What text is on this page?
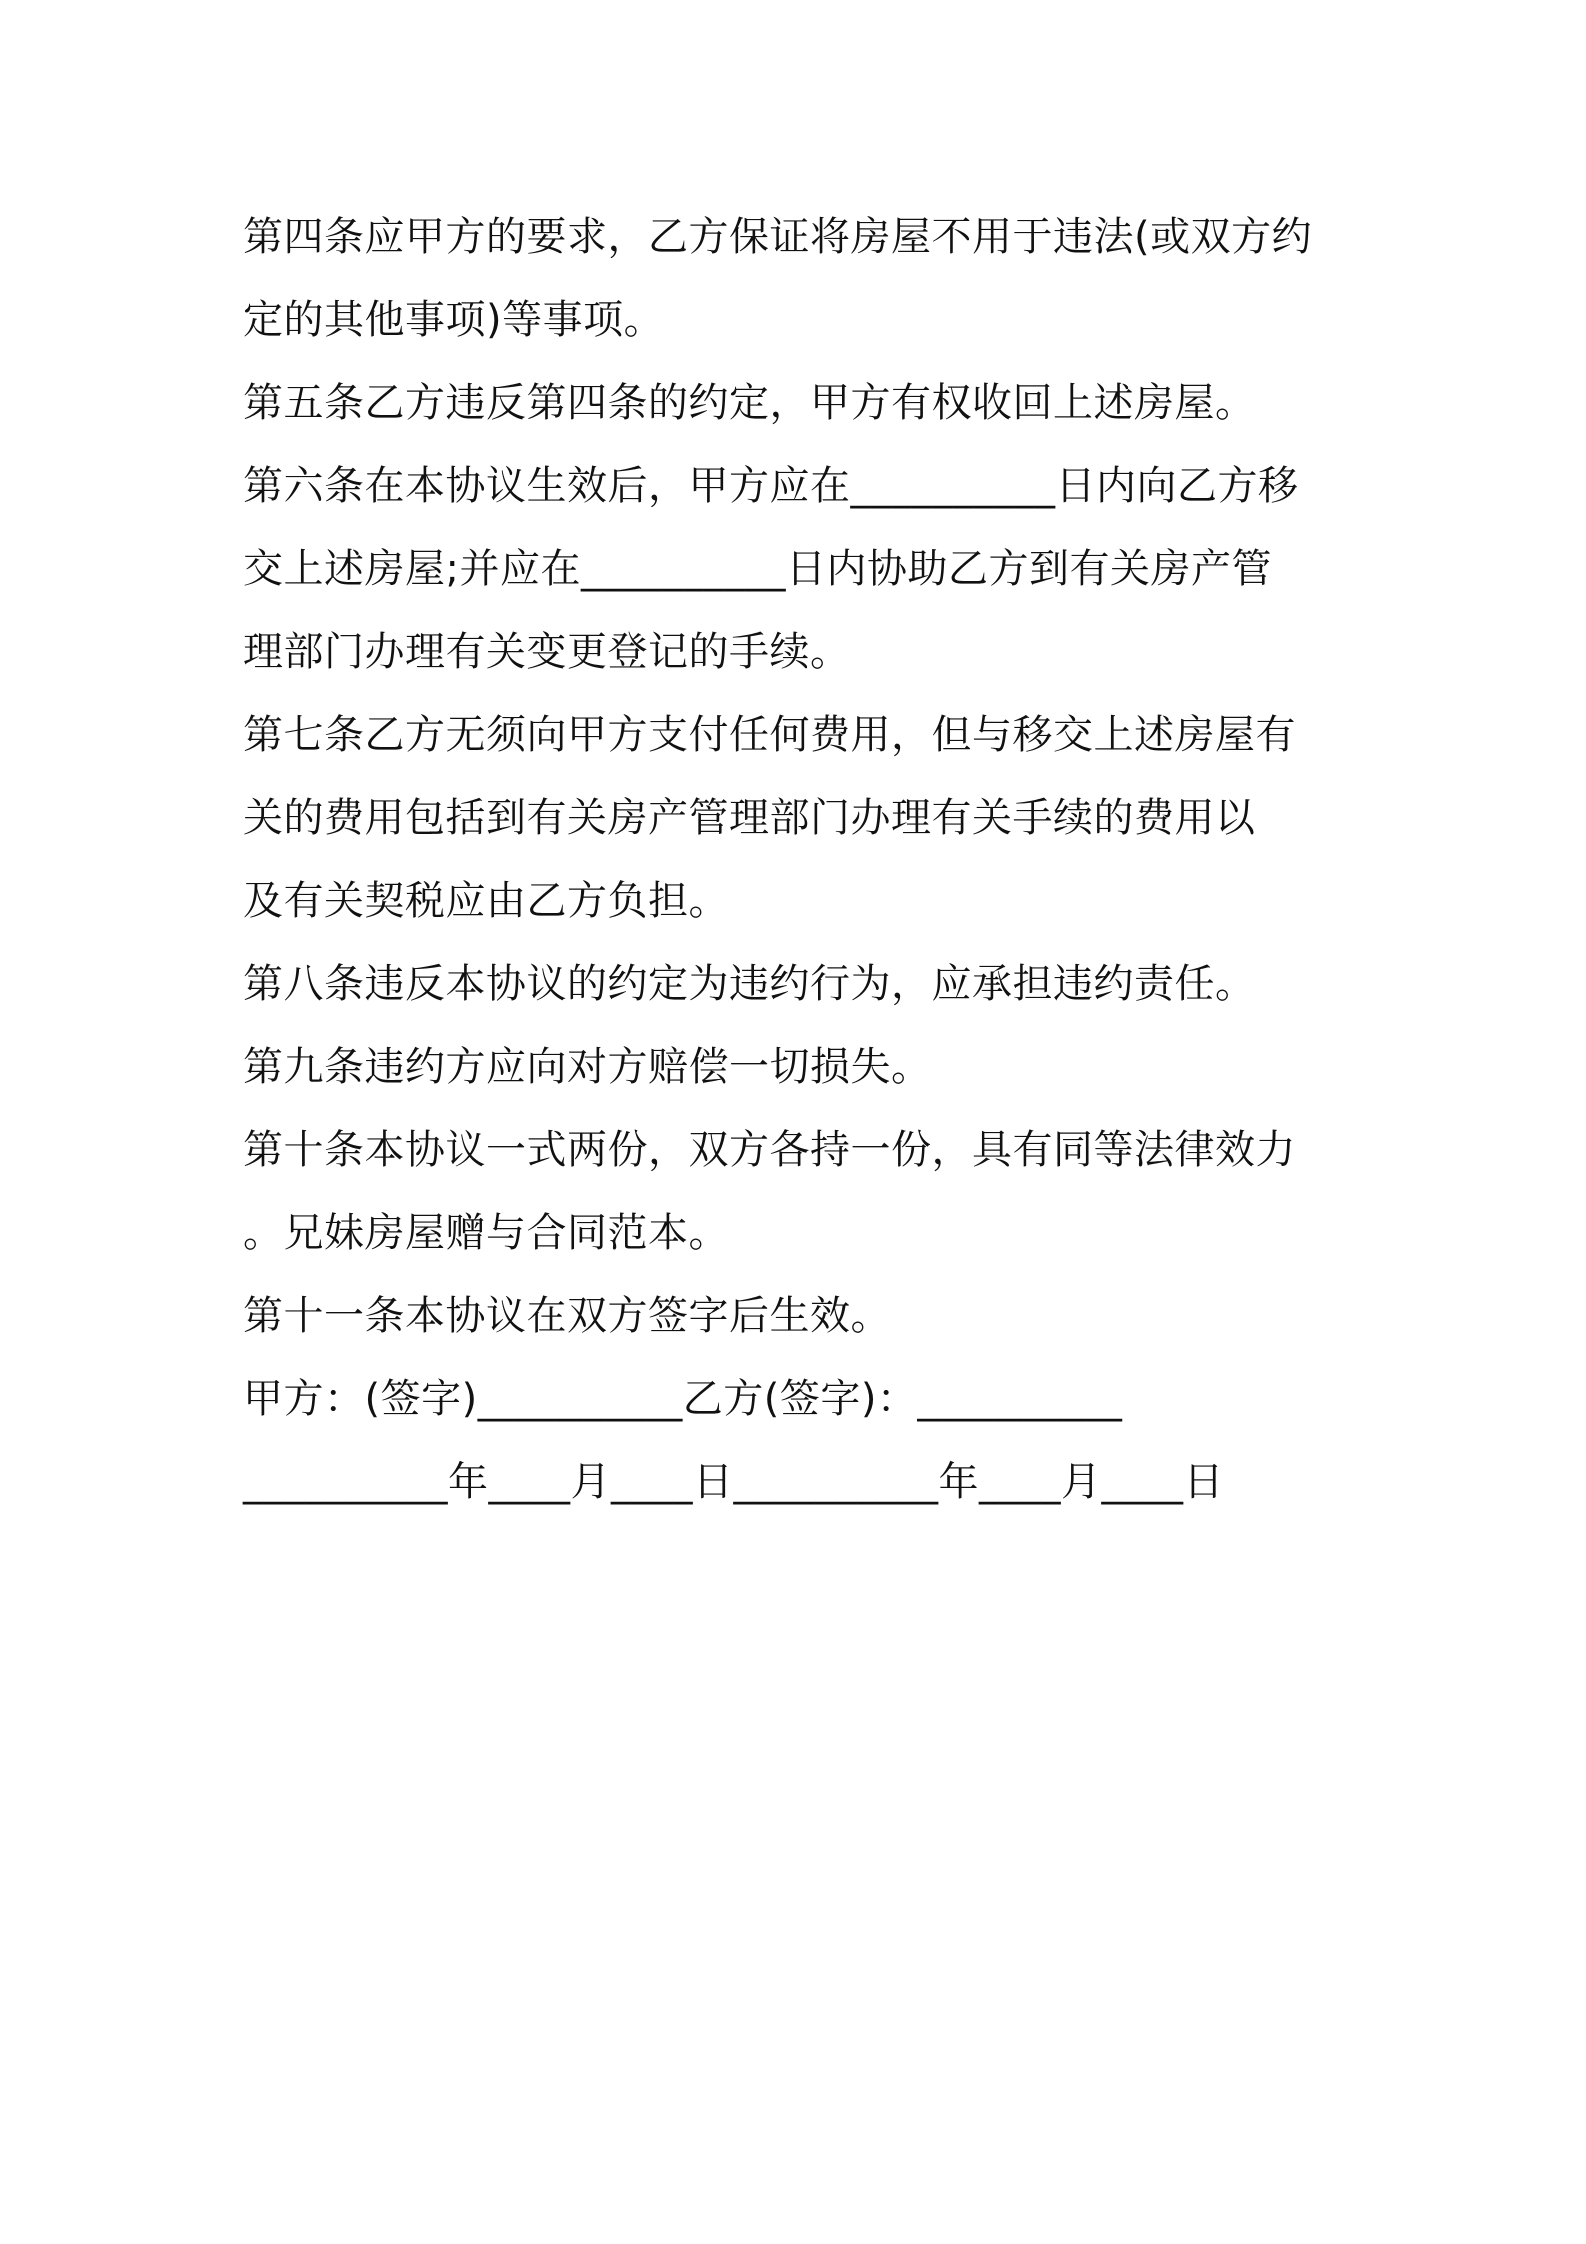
第四条应甲方的要求，乙方保证将房屋不用于违法(或双方约
定的其他事项)等事项。
第五条乙方违反第四条的约定，甲方有权收回上述房屋。
第六条在本协议生效后，甲方应在__________日内向乙方移
交上述房屋;并应在__________日内协助乙方到有关房产管
理部门办理有关变更登记的手续。
第七条乙方无须向甲方支付任何费用，但与移交上述房屋有
关的费用包括到有关房产管理部门办理有关手续的费用以
及有关契税应由乙方负担。
第八条违反本协议的约定为违约行为，应承担违约责任。
第九条违约方应向对方赔偿一切损失。
第十条本协议一式两份，双方各持一份，具有同等法律效力
。兄妹房屋赠与合同范本。
第十一条本协议在双方签字后生效。
甲方：(签字)__________乙方(签字)：__________
__________年____月____日__________年____月____日
